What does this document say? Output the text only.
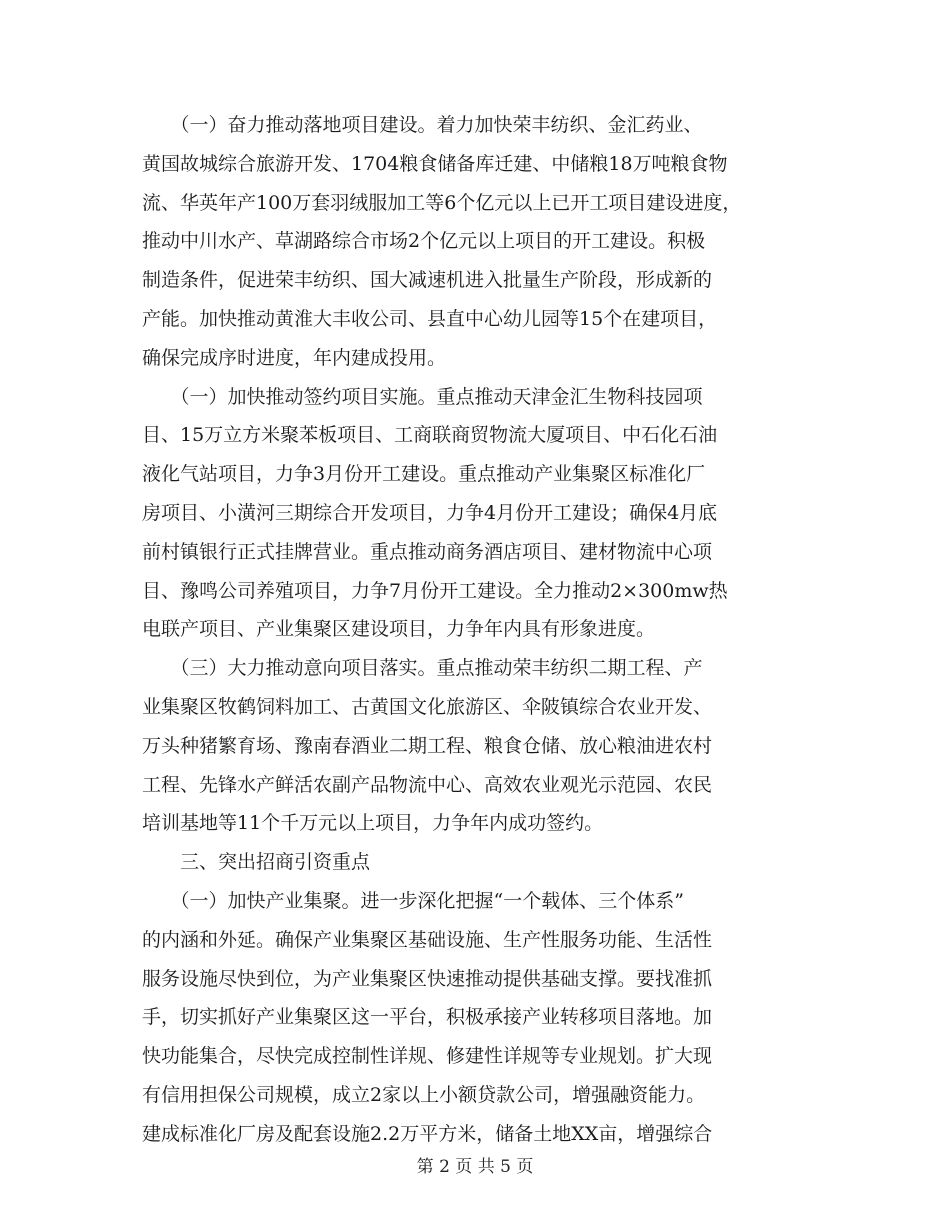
　　（一）奋力推动落地项目建设。着力加快荣丰纺织、金汇药业、
黄国故城综合旅游开发、1704粮食储备库迁建、中储粮18万吨粮食物
流、华英年产100万套羽绒服加工等6个亿元以上已开工项目建设进度，
推动中川水产、草湖路综合市场2个亿元以上项目的开工建设。积极
制造条件，促进荣丰纺织、国大减速机进入批量生产阶段，形成新的
产能。加快推动黄淮大丰收公司、县直中心幼儿园等15个在建项目，
确保完成序时进度，年内建成投用。
　　（一）加快推动签约项目实施。重点推动天津金汇生物科技园项
目、15万立方米聚苯板项目、工商联商贸物流大厦项目、中石化石油
液化气站项目，力争3月份开工建设。重点推动产业集聚区标准化厂
房项目、小潢河三期综合开发项目，力争4月份开工建设；确保4月底
前村镇银行正式挂牌营业。重点推动商务酒店项目、建材物流中心项
目、豫鸣公司养殖项目，力争7月份开工建设。全力推动2×300mw热
电联产项目、产业集聚区建设项目，力争年内具有形象进度。
　　（三）大力推动意向项目落实。重点推动荣丰纺织二期工程、产
业集聚区牧鹤饲料加工、古黄国文化旅游区、伞陂镇综合农业开发、
万头种猪繁育场、豫南春酒业二期工程、粮食仓储、放心粮油进农村
工程、先锋水产鲜活农副产品物流中心、高效农业观光示范园、农民
培训基地等11个千万元以上项目，力争年内成功签约。
　　三、突出招商引资重点
　　（一）加快产业集聚。进一步深化把握“一个载体、三个体系”
的内涵和外延。确保产业集聚区基础设施、生产性服务功能、生活性
服务设施尽快到位，为产业集聚区快速推动提供基础支撑。要找准抓
手，切实抓好产业集聚区这一平台，积极承接产业转移项目落地。加
快功能集合，尽快完成控制性详规、修建性详规等专业规划。扩大现
有信用担保公司规模，成立2家以上小额贷款公司，增强融资能力。
建成标准化厂房及配套设施2.2万平方米，储备土地XX亩，增强综合
第 2 页 共 5 页
